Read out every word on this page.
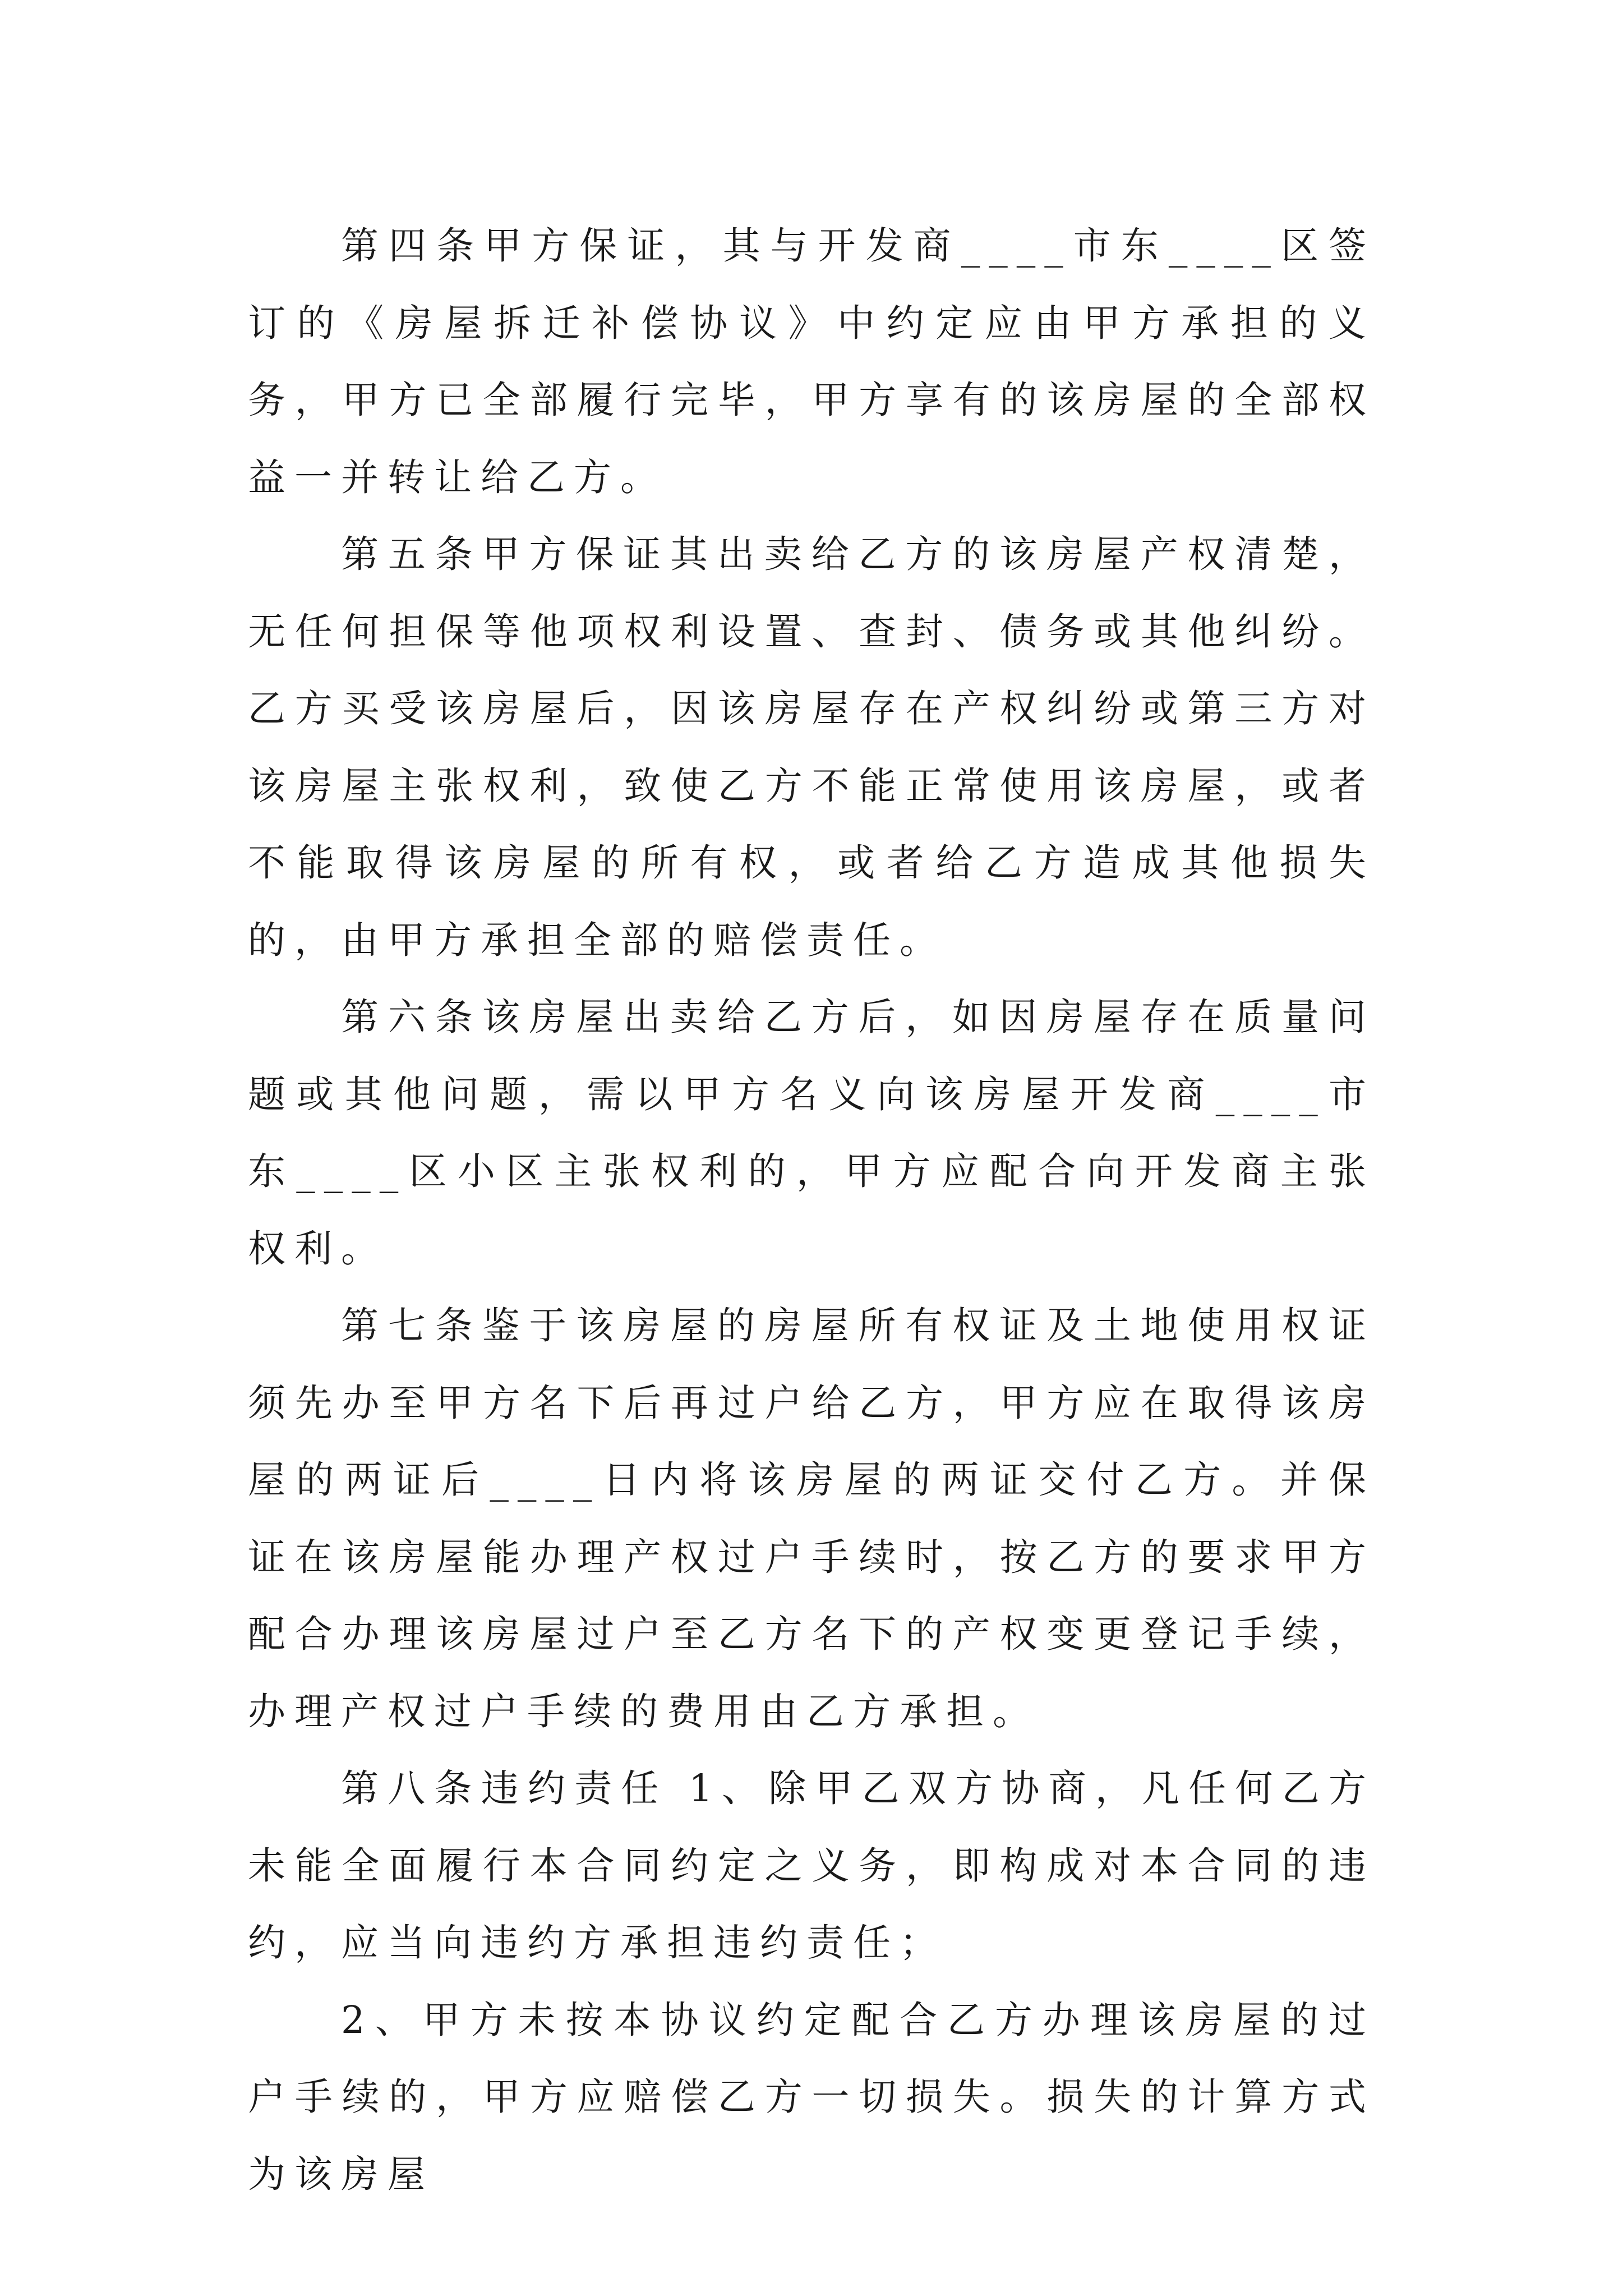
第四条甲方保证，其与开发商____市东____区签订的《房屋拆迁补偿协议》中约定应由甲方承担的义务，甲方已全部履行完毕，甲方享有的该房屋的全部权益一并转让给乙方。

第五条甲方保证其出卖给乙方的该房屋产权清楚，无任何担保等他项权利设置、查封、债务或其他纠纷。乙方买受该房屋后，因该房屋存在产权纠纷或第三方对该房屋主张权利，致使乙方不能正常使用该房屋，或者不能取得该房屋的所有权，或者给乙方造成其他损失的，由甲方承担全部的赔偿责任。

第六条该房屋出卖给乙方后，如因房屋存在质量问题或其他问题，需以甲方名义向该房屋开发商____市东____区小区主张权利的，甲方应配合向开发商主张权利。

第七条鉴于该房屋的房屋所有权证及土地使用权证须先办至甲方名下后再过户给乙方，甲方应在取得该房屋的两证后____日内将该房屋的两证交付乙方。并保证在该房屋能办理产权过户手续时，按乙方的要求甲方配合办理该房屋过户至乙方名下的产权变更登记手续，办理产权过户手续的费用由乙方承担。

第八条违约责任 1、除甲乙双方协商，凡任何乙方未能全面履行本合同约定之义务，即构成对本合同的违约，应当向违约方承担违约责任；

2、甲方未按本协议约定配合乙方办理该房屋的过户手续的，甲方应赔偿乙方一切损失。损失的计算方式为该房屋
